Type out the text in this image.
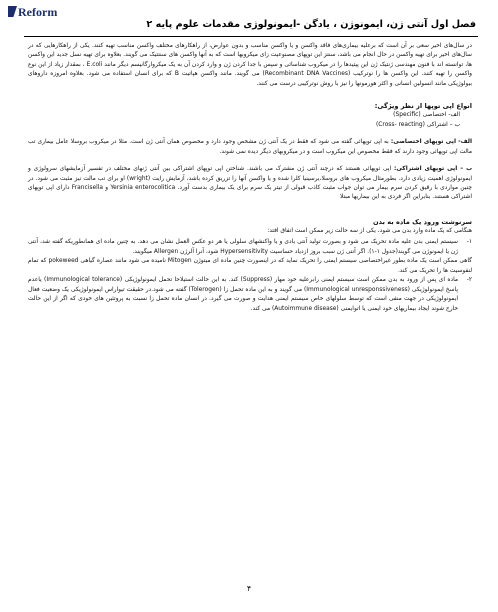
Reform
فصل اول آنتی ژن، ایمونوژن ، یادگن -ایمونولوژی مقدمات علوم پایه ۲

در سال‌های اخیر سعی بر آن است که برعلیه بیماری‌های فاقد واکسن و یا واکسن مناسب و بدون عوارض، از راهکارهای مختلف واکسن مناسب تهیه کنند. یکی از راهکارهایی که در سال‌های اخیر برای تهیه واکسن در حال انجام می باشد، سنتز این توپهای مصنوعیت زای میکروبها است که به آنها واکسن های سنتتیک می گویند. بعلاوه برای تهیه نسل جدید این واکسن ها، توانسته اند با فنون مهندسی ژنتیک ژن این پیتیدها را در میکروب شناسائی و سپس با جدا کردن ژن و وارد کردن آن به یک میکروارگانیسم دیگر مانند E.coli ، بمقدار زیاد از این نوع واکسن را تهیه کنند. این واکسن ها را نوترکیب (Recombinant DNA Vaccines) می گویند. مانند واکسن هپاتیت B که برای انسان استفاده می شود. بعلاوه امروزه داروهای بیولوژیکی مانند انسولین انسانی و اکثر هورمونها را نیز با روش نوترکیبی درست می کنند.

انواع اپی توپها از نظر ویژگی:

الف- اختصاصی (Specific)

ب – اشتراکی (Cross- reacting)

الف- اپی توپهای اختصاصی: به اپی توپهائی گفته می شود که فقط در یک آنتی ژن مشخص وجود دارد و مخصوص همان آنتی ژن است. مثلا در میکروب بروسلا عامل بیماری تب مالت اپی توپهائی وجود دارند که فقط مخصوص این میکروب است و در میکروبهای دیگر دیده نمی شوند.

ب – اپی توپهای اشتراکی: اپی توپهائی هستند که درچند آنتی ژن مشترک می باشند. شناختن اپی توپهای اشتراکی بین آنتی ژنهای مختلف در تفسیر آزمایشهای سرولوژی و ایمونولوژی اهمیت زیادی دارد. بطورمثال میکروب های بروسلا،یرسینیا کلرا شده و یا واکسن آنها را تزریق کرده باشد، آزمایش رایت (wright) او برای تب مالت نیز مثبت می شود. در چنین مواردی با رقیق کردن سرم بیمار می توان جواب مثبت کاذب قبولی از تیتر یک سرم برای یک بیماری بدست آورد. Yersinia enterocolitica و Francisella دارای اپی توپهای اشتراکی هستند. بنابراین اگر فردی به این بیماریها مبتلا

سرنوشت ورود یک ماده به بدن

هنگامی که یک ماده وارد بدن می شود، یکی از سه حالت زیر ممکن است اتفاق افتد:

۱-
سیستم ایمنی بدن علیه ماده تحریک می شود و بصورت تولید آنتی بادی و یا واکنشهای سلولی یا هر دو عکس العمل نشان می دهد. به چنین ماده ای همانطوریکه گفته شد، آنتی ژن یا ایمونوژن می گویند(جدول ۱-۱). اگر آنتی ژن سبب بروز ازدیاد حساسیت Hypersensitivity شود، آنرا آلرژن Allergen میگویند.

گاهی ممکن است یک ماده بطور غیراختصاصی سیستم ایمنی را تحریک نماید که در اینصورت چنین ماده ای میتوژن Mitogen نامیده می شود مانند عصاره گیاهی pokeweed که تمام لنفوسیت ها را تحریک می کند.

۲-
ماده ای پس از ورود به بدن ممکن است سیستم ایمنی رابرعلیه خود مهار (Suppress) کند. به این حالت استیلاحا تحمل ایمونولوژیکی (Immunological tolerance) یاعدم پاسخ ایمونولوژیکی (Immunological unresponssiveness) می گویند و به این ماده تحمل زا (Tolerogen) گفته می شود.در حقیقت تیواراس ایمونولوژیکی یک وضعیت فعال ایمونولوژیکی در جهت منفی است که توسط سلولهای خاص سیستم ایمنی هدایت و صورت می گیرد. در انسان ماده تحمل زا نسبت به پروتئین های خودی که اگر از این حالت خارج شوند ایجاد بیماریهای خود ایمنی یا اتوایمنی (Autoimmune disease) می کند.
۴
